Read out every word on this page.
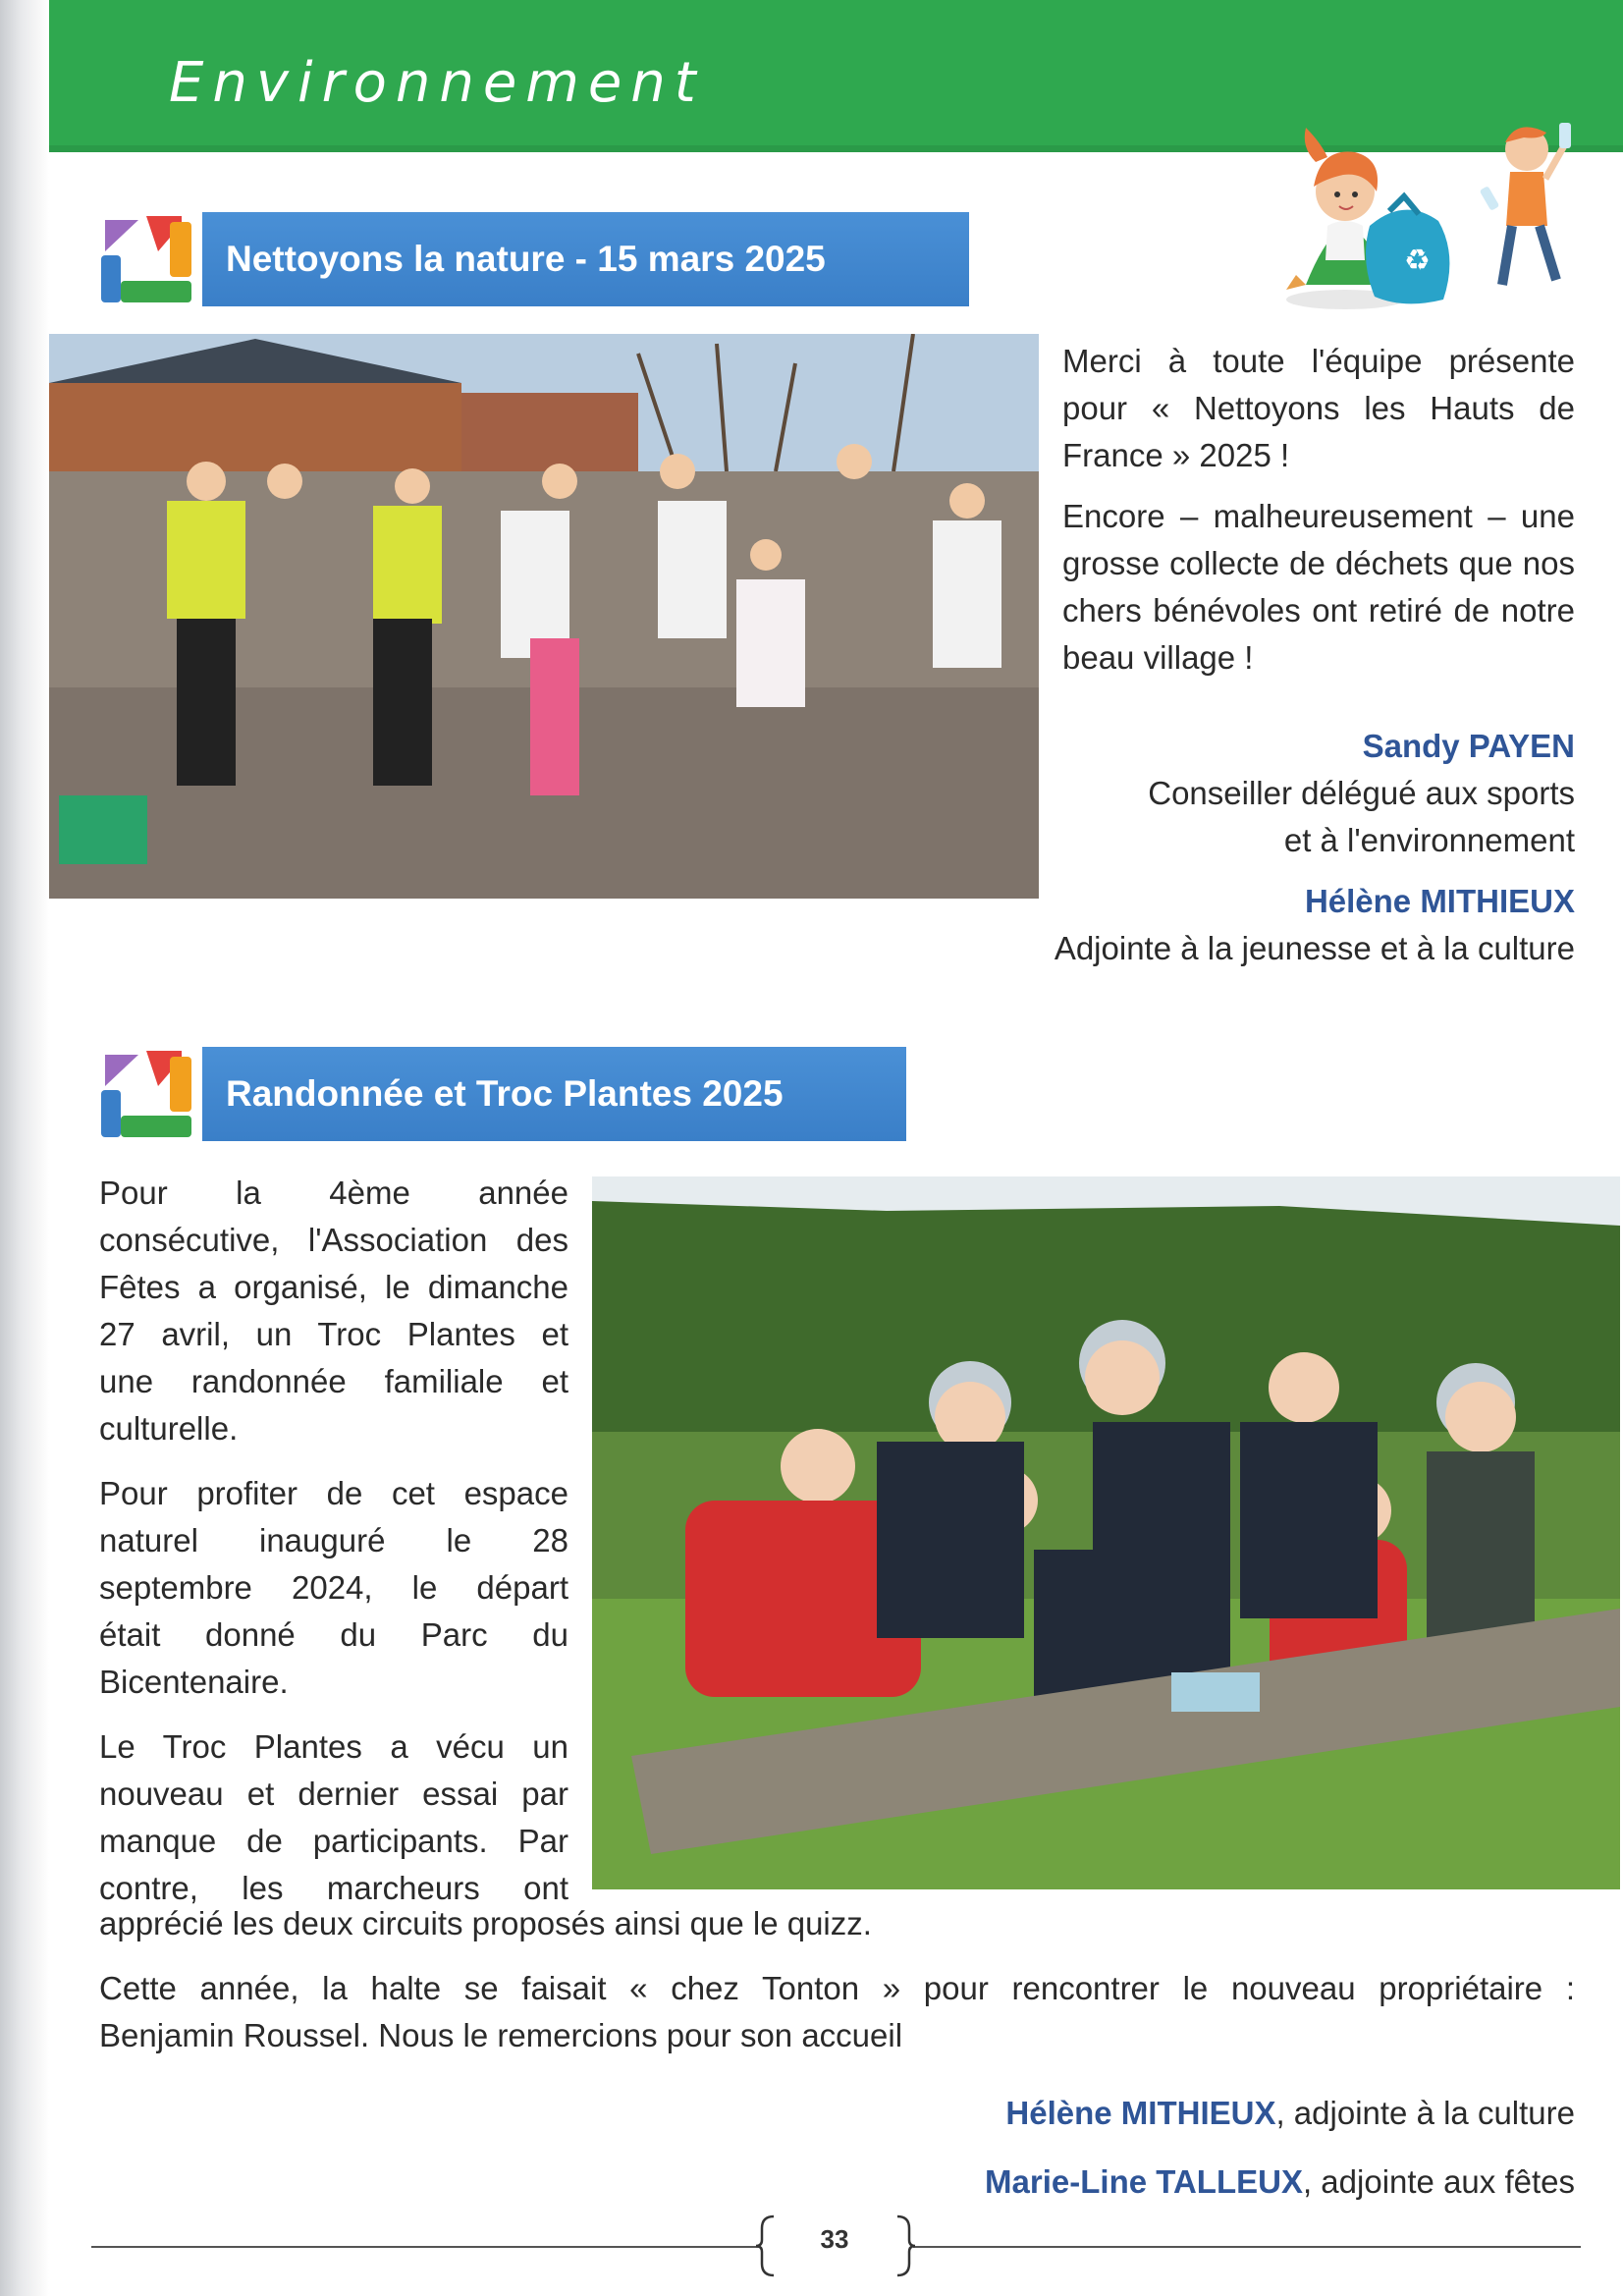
Environnement
♻
Nettoyons la nature - 15 mars 2025

Merci à toute l'équipe présente pour « Nettoyons les Hauts de France » 2025 !

Encore – malheureusement – une grosse collecte de déchets que nos chers bénévoles ont retiré de notre beau village !

Sandy PAYEN
Conseiller délégué aux sports
et à l'environnement
Hélène MITHIEUX
Adjointe à la jeunesse et à la culture
Randonnée et Troc Plantes 2025
Pour la 4ème année
consécutive, l'Association des
Fêtes a organisé, le dimanche
27 avril, un Troc Plantes et
une randonnée familiale et
culturelle.
Pour profiter de cet espace
naturel inauguré le 28
septembre 2024, le départ
était donné du Parc du
Bicentenaire.
Le Troc Plantes a vécu un
nouveau et dernier essai par
manque de participants. Par
contre, les marcheurs ont
apprécié les deux circuits proposés ainsi que le quizz.
Cette année, la halte se faisait « chez Tonton » pour rencontrer le nouveau propriétaire :
Benjamin Roussel. Nous le remercions pour son accueil
Hélène MITHIEUX, adjointe à la culture
Marie-Line TALLEUX, adjointe aux fêtes
33
